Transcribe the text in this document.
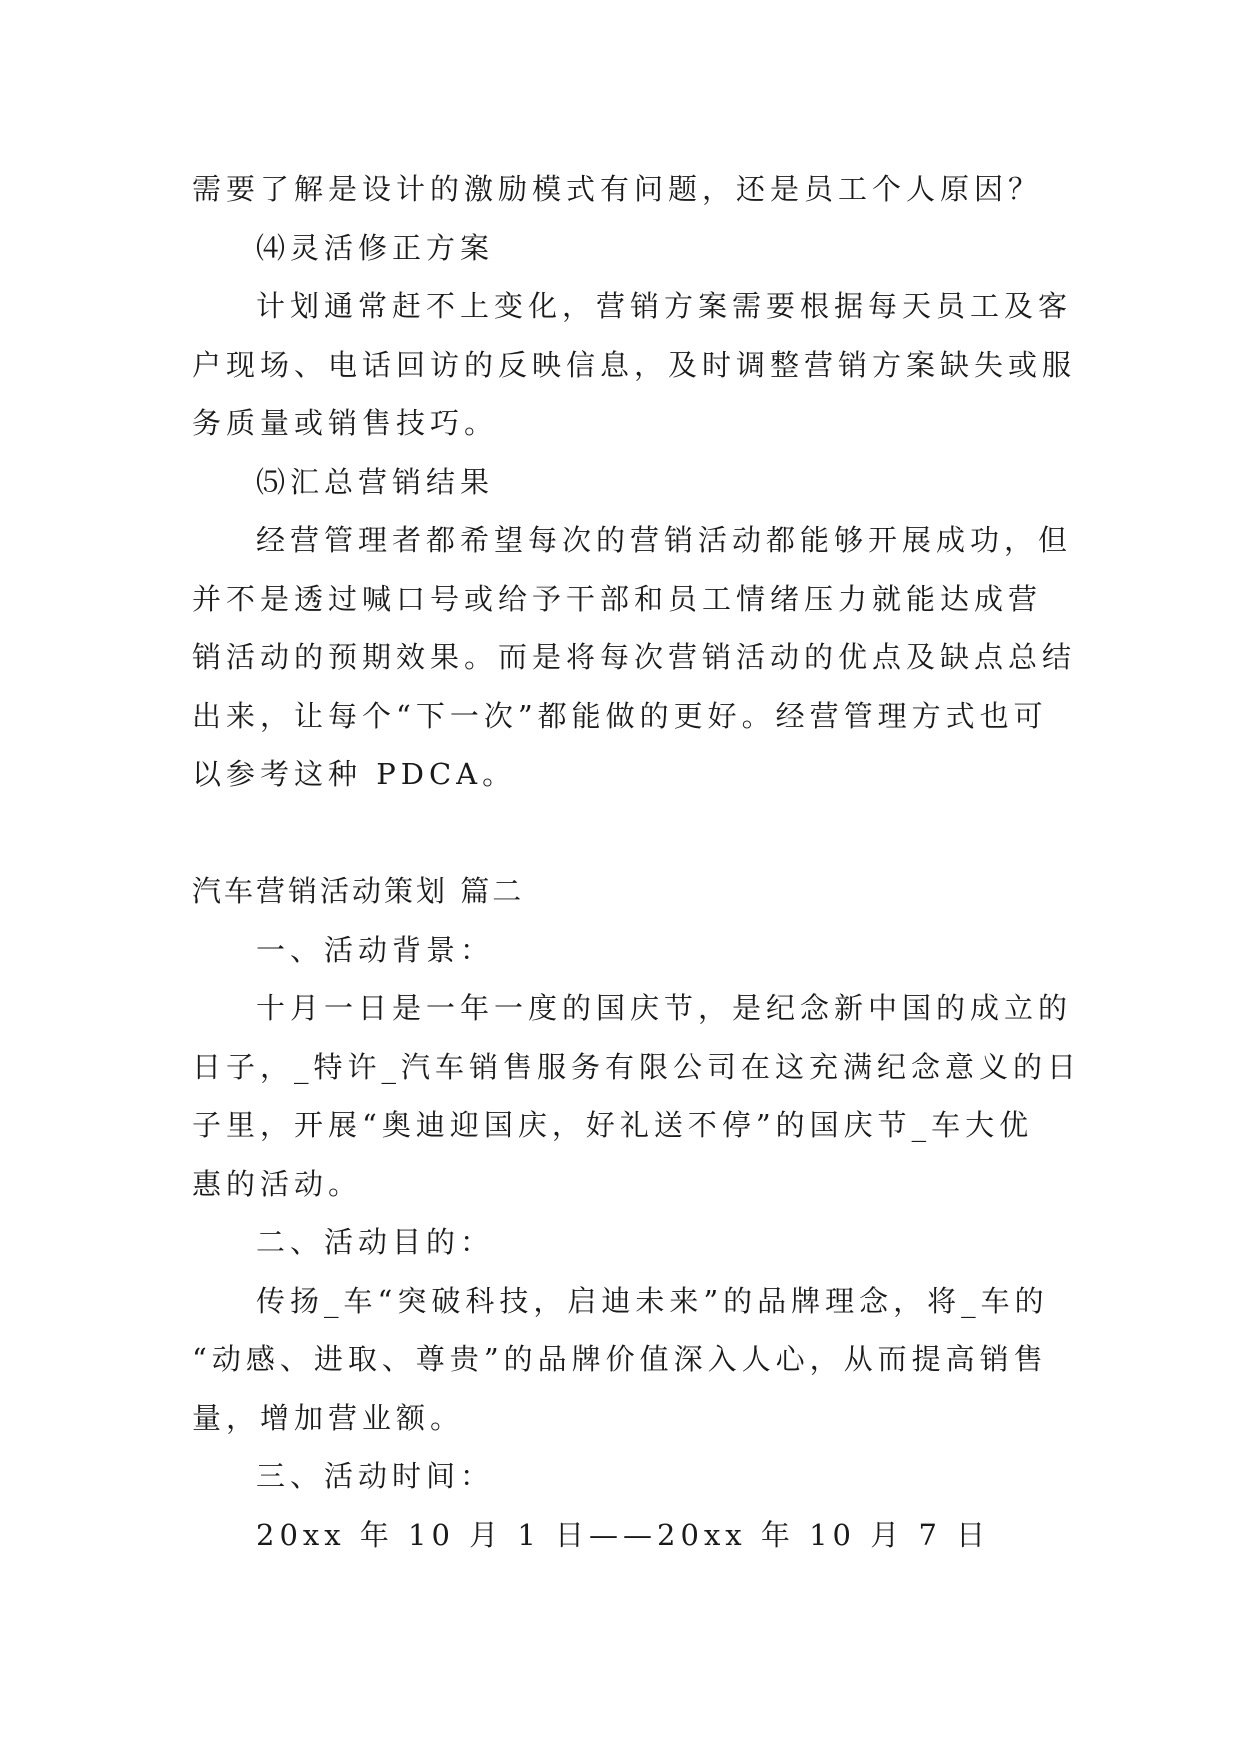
需要了解是设计的激励模式有问题，还是员工个人原因？
⑷灵活修正方案
计划通常赶不上变化，营销方案需要根据每天员工及客
户现场、电话回访的反映信息，及时调整营销方案缺失或服
务质量或销售技巧。
⑸汇总营销结果
经营管理者都希望每次的营销活动都能够开展成功，但
并不是透过喊口号或给予干部和员工情绪压力就能达成营
销活动的预期效果。而是将每次营销活动的优点及缺点总结
出来，让每个“下一次”都能做的更好。经营管理方式也可
以参考这种 PDCA。
汽车营销活动策划 篇二
一、活动背景：
十月一日是一年一度的国庆节，是纪念新中国的成立的
日子，_特许_汽车销售服务有限公司在这充满纪念意义的日
子里，开展“奥迪迎国庆，好礼送不停”的国庆节_车大优
惠的活动。
二、活动目的：
传扬_车“突破科技，启迪未来”的品牌理念，将_车的
“动感、进取、尊贵”的品牌价值深入人心，从而提高销售
量，增加营业额。
三、活动时间：
20xx 年 10 月 1 日——20xx 年 10 月 7 日
